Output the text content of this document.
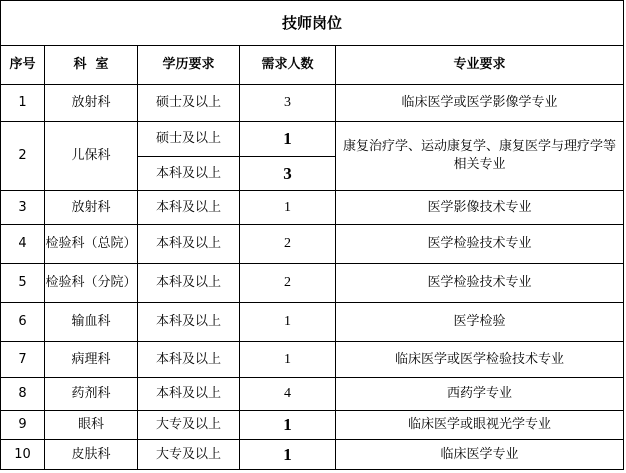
技师岗位				
序号	科  室	学历要求	需求人数	专业要求
1	放射科	硕士及以上	3	临床医学或医学影像学专业
2	儿保科	硕士及以上	1	康复治疗学、运动康复学、康复医学与理疗学等相关专业
		本科及以上	3	
3	放射科	本科及以上	1	医学影像技术专业
4	检验科（总院）	本科及以上	2	医学检验技术专业
5	检验科（分院）	本科及以上	2	医学检验技术专业
6	输血科	本科及以上	1	医学检验
7	病理科	本科及以上	1	临床医学或医学检验技术专业
8	药剂科	本科及以上	4	西药学专业
9	眼科	大专及以上	1	临床医学或眼视光学专业
10	皮肤科	大专及以上	1	临床医学专业
